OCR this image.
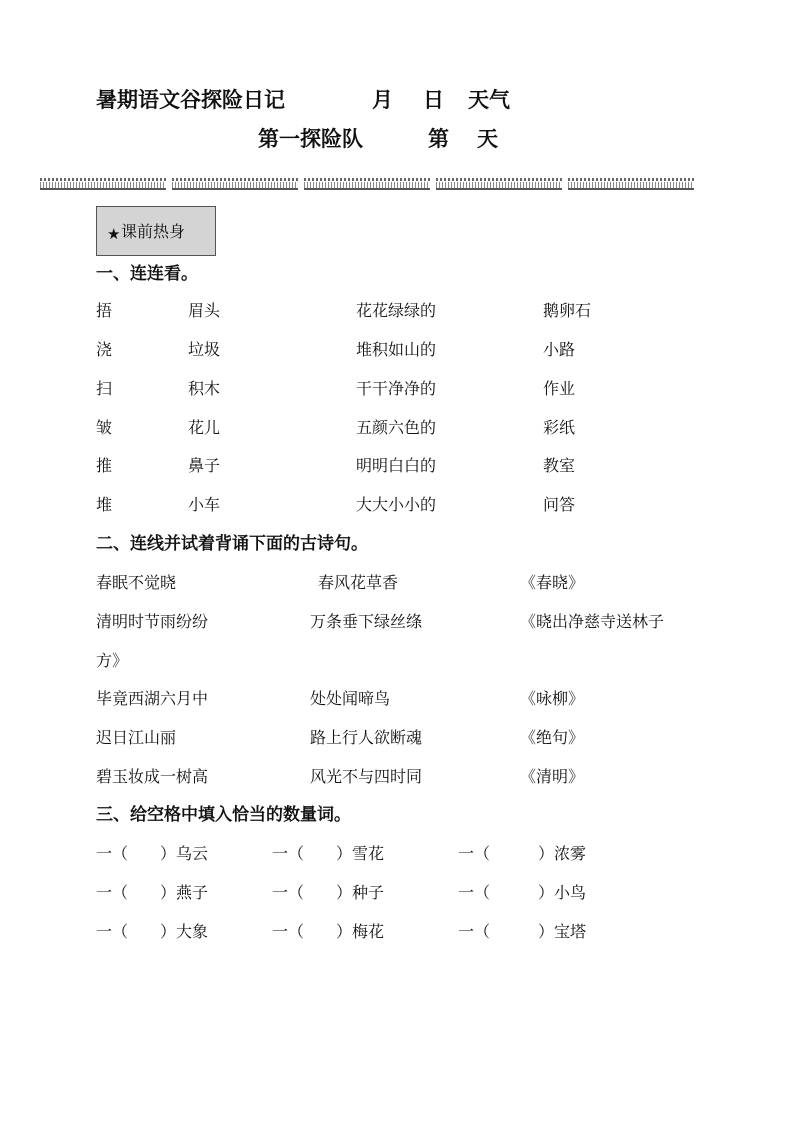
暑期语文谷探险日记	月 日 天气
第一探险队	第 天
★ 课前热身
一、连连看。
捂	眉头	花花绿绿的	鹅卵石
浇	垃圾	堆积如山的	小路
扫	积木	干干净净的	作业
皱	花儿	五颜六色的	彩纸
推	鼻子	明明白白的	教室
堆	小车	大大小小的	问答
二、连线并试着背诵下面的古诗句。
春眠不觉晓	春风花草香	《春晓》
清明时节雨纷纷	万条垂下绿丝绦	《晓出净慈寺送林子
方》
毕竟西湖六月中	处处闻啼鸟	《咏柳》
迟日江山丽	路上行人欲断魂	《绝句》
碧玉妆成一树高	风光不与四时同	《清明》
三、给空格中填入恰当的数量词。
一（　　）乌云	一（　　）雪花	一（　　　）浓雾
一（　　）燕子	一（　　）种子	一（　　　）小鸟
一（　　）大象	一（　　）梅花	一（　　　）宝塔
